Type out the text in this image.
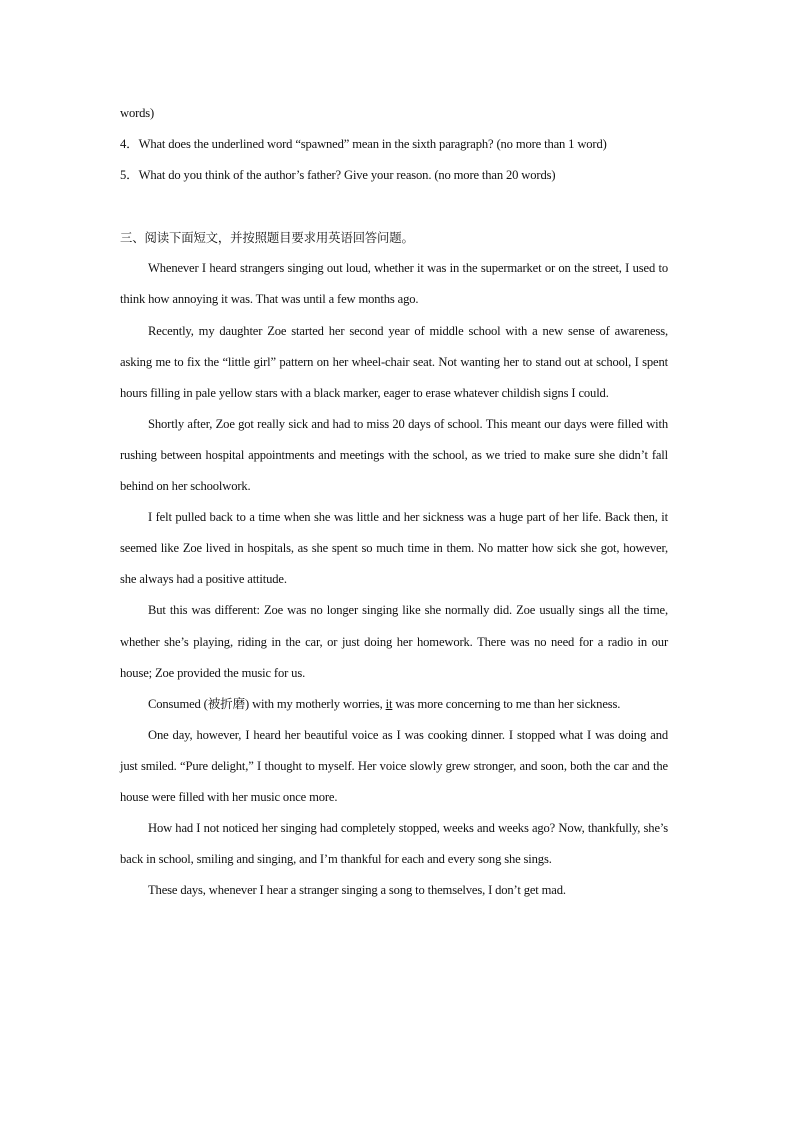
words)

4．What does the underlined word “spawned” mean in the sixth paragraph? (no more than 1 word)

5．What do you think of the author’s father? Give your reason. (no more than 20 words)

三、阅读下面短文，并按照题目要求用英语回答问题。

Whenever I heard strangers singing out loud, whether it was in the supermarket or on the street, I used to think how annoying it was. That was until a few months ago.

Recently, my daughter Zoe started her second year of middle school with a new sense of awareness, asking me to fix the “little girl” pattern on her wheel-chair seat. Not wanting her to stand out at school, I spent hours filling in pale yellow stars with a black marker, eager to erase whatever childish signs I could.

Shortly after, Zoe got really sick and had to miss 20 days of school. This meant our days were filled with rushing between hospital appointments and meetings with the school, as we tried to make sure she didn’t fall behind on her schoolwork.

I felt pulled back to a time when she was little and her sickness was a huge part of her life. Back then, it seemed like Zoe lived in hospitals, as she spent so much time in them. No matter how sick she got, however, she always had a positive attitude.

But this was different: Zoe was no longer singing like she normally did. Zoe usually sings all the time, whether she’s playing, riding in the car, or just doing her homework. There was no need for a radio in our house; Zoe provided the music for us.

Consumed (被折磨) with my motherly worries, it was more concerning to me than her sickness.

One day, however, I heard her beautiful voice as I was cooking dinner. I stopped what I was doing and just smiled. “Pure delight,” I thought to myself. Her voice slowly grew stronger, and soon, both the car and the house were filled with her music once more.

How had I not noticed her singing had completely stopped, weeks and weeks ago? Now, thankfully, she’s back in school, smiling and singing, and I’m thankful for each and every song she sings.

These days, whenever I hear a stranger singing a song to themselves, I don’t get mad.
